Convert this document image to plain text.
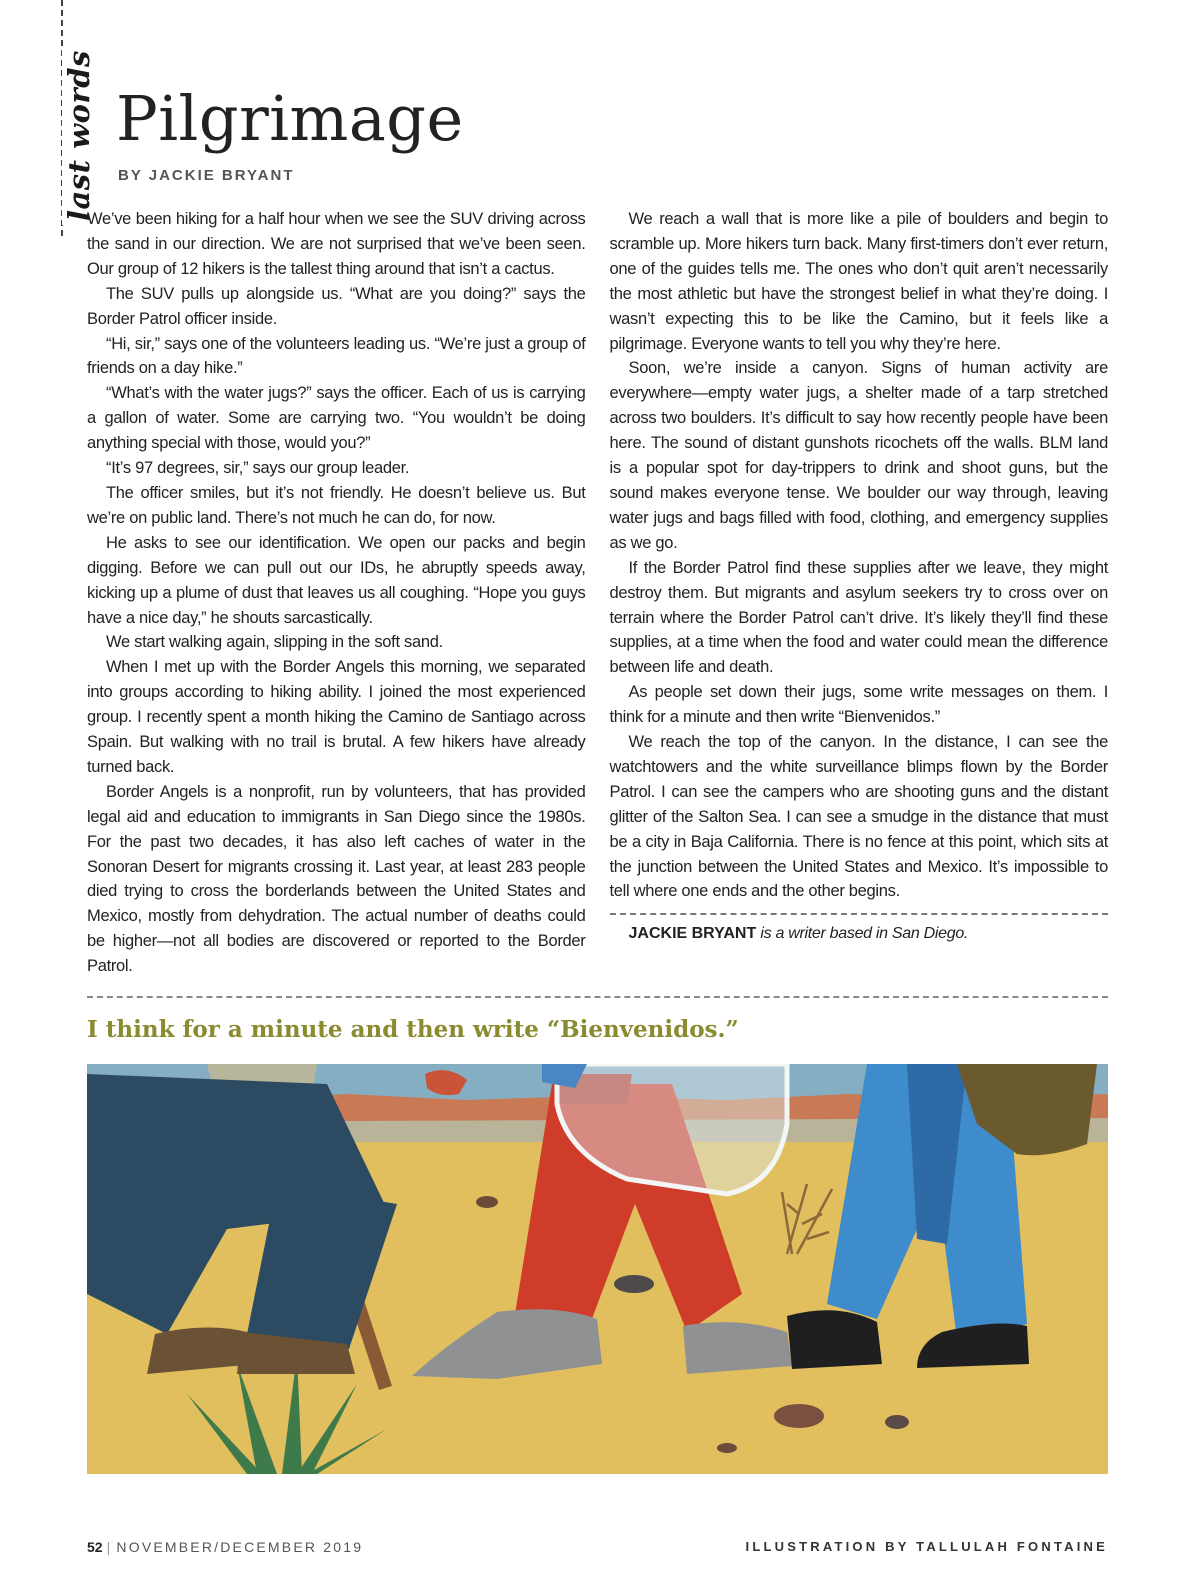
last words Pilgrimage
BY JACKIE BRYANT

We’ve been hiking for a half hour when we see the SUV driving across the sand in our direction. We are not surprised that we’ve been seen. Our group of 12 hikers is the tallest thing around that isn’t a cactus.

The SUV pulls up alongside us. “What are you doing?” says the Border Patrol officer inside.

“Hi, sir,” says one of the volunteers leading us. “We’re just a group of friends on a day hike.”

“What’s with the water jugs?” says the officer. Each of us is carrying a gallon of water. Some are carrying two. “You wouldn’t be doing anything special with those, would you?”

“It’s 97 degrees, sir,” says our group leader.

The officer smiles, but it’s not friendly. He doesn’t believe us. But we’re on public land. There’s not much he can do, for now.

He asks to see our identification. We open our packs and begin digging. Before we can pull out our IDs, he abruptly speeds away, kicking up a plume of dust that leaves us all coughing. “Hope you guys have a nice day,” he shouts sarcastically.

We start walking again, slipping in the soft sand.

When I met up with the Border Angels this morning, we separated into groups according to hiking ability. I joined the most experienced group. I recently spent a month hiking the Camino de Santiago across Spain. But walking with no trail is brutal. A few hikers have already turned back.

Border Angels is a nonprofit, run by volunteers, that has provided legal aid and education to immigrants in San Diego since the 1980s. For the past two decades, it has also left caches of water in the Sonoran Desert for migrants crossing it. Last year, at least 283 people died trying to cross the borderlands between the United States and Mexico, mostly from dehydration. The actual number of deaths could be higher—not all bodies are discovered or reported to the Border Patrol.

We reach a wall that is more like a pile of boulders and begin to scramble up. More hikers turn back. Many first-timers don’t ever return, one of the guides tells me. The ones who don’t quit aren’t necessarily the most athletic but have the strongest belief in what they’re doing. I wasn’t expecting this to be like the Camino, but it feels like a pilgrimage. Everyone wants to tell you why they’re here.

Soon, we’re inside a canyon. Signs of human activity are everywhere—empty water jugs, a shelter made of a tarp stretched across two boulders. It’s difficult to say how recently people have been here. The sound of distant gunshots ricochets off the walls. BLM land is a popular spot for day-trippers to drink and shoot guns, but the sound makes everyone tense. We boulder our way through, leaving water jugs and bags filled with food, clothing, and emergency supplies as we go.

If the Border Patrol find these supplies after we leave, they might destroy them. But migrants and asylum seekers try to cross over on terrain where the Border Patrol can’t drive. It’s likely they’ll find these supplies, at a time when the food and water could mean the difference between life and death.

As people set down their jugs, some write messages on them. I think for a minute and then write “Bienvenidos.”

We reach the top of the canyon. In the distance, I can see the watchtowers and the white surveillance blimps flown by the Border Patrol. I can see the campers who are shooting guns and the distant glitter of the Salton Sea. I can see a smudge in the distance that must be a city in Baja California. There is no fence at this point, which sits at the junction between the United States and Mexico. It’s impossible to tell where one ends and the other begins.

JACKIE BRYANT is a writer based in San Diego.

I think for a minute and then write “Bienvenidos.”

52 | NOVEMBER/DECEMBER 2019	ILLUSTRATION BY TALLULAH FONTAINE
